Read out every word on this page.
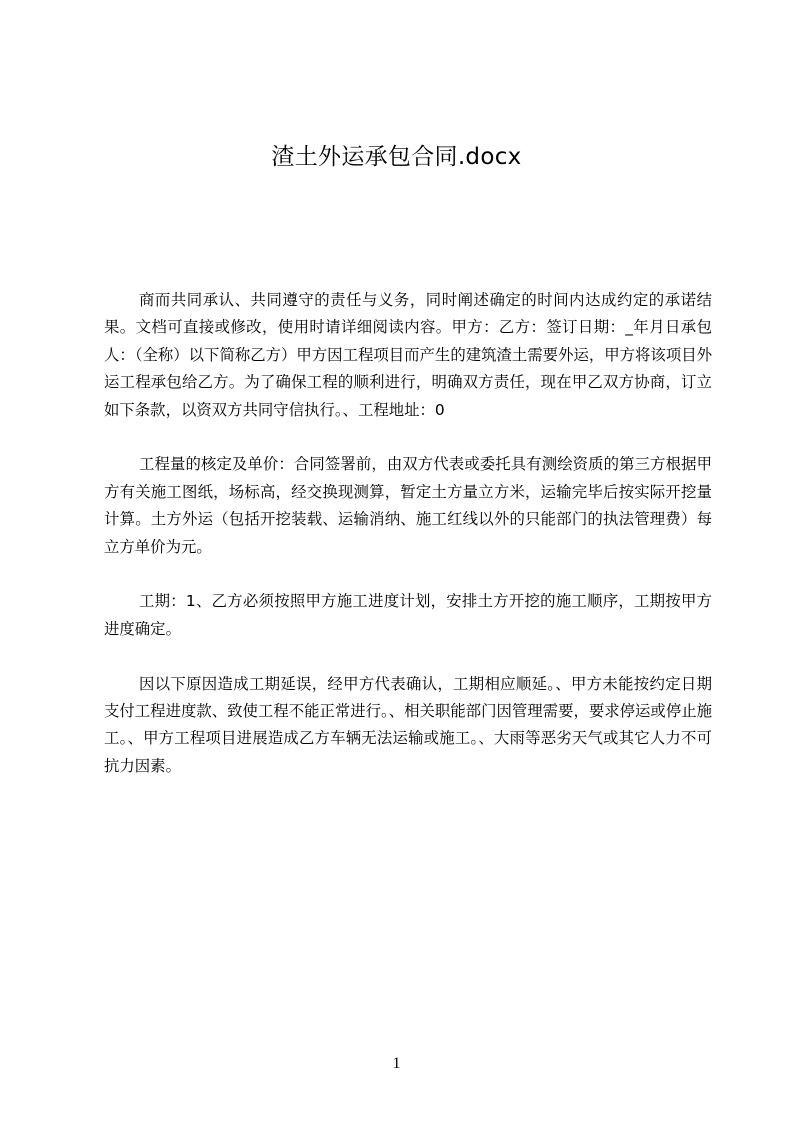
渣土外运承包合同.docx

商而共同承认、共同遵守的责任与义务，同时阐述确定的时间内达成约定的承诺结果。文档可直接或修改，使用时请详细阅读内容。甲方：乙方：签订日期：_年月日承包人：（全称）以下简称乙方）甲方因工程项目而产生的建筑渣土需要外运，甲方将该项目外运工程承包给乙方。为了确保工程的顺利进行，明确双方责任，现在甲乙双方协商，订立如下条款，以资双方共同守信执行。、工程地址：0

工程量的核定及单价：合同签署前，由双方代表或委托具有测绘资质的第三方根据甲方有关施工图纸，场标高，经交换现测算，暂定土方量立方米，运输完毕后按实际开挖量计算。土方外运（包括开挖装载、运输消纳、施工红线以外的只能部门的执法管理费）每立方单价为元。

工期：1、乙方必须按照甲方施工进度计划，安排土方开挖的施工顺序，工期按甲方进度确定。

因以下原因造成工期延误，经甲方代表确认，工期相应顺延。、甲方未能按约定日期支付工程进度款、致使工程不能正常进行。、相关职能部门因管理需要，要求停运或停止施工。、甲方工程项目进展造成乙方车辆无法运输或施工。、大雨等恶劣天气或其它人力不可抗力因素。

1
